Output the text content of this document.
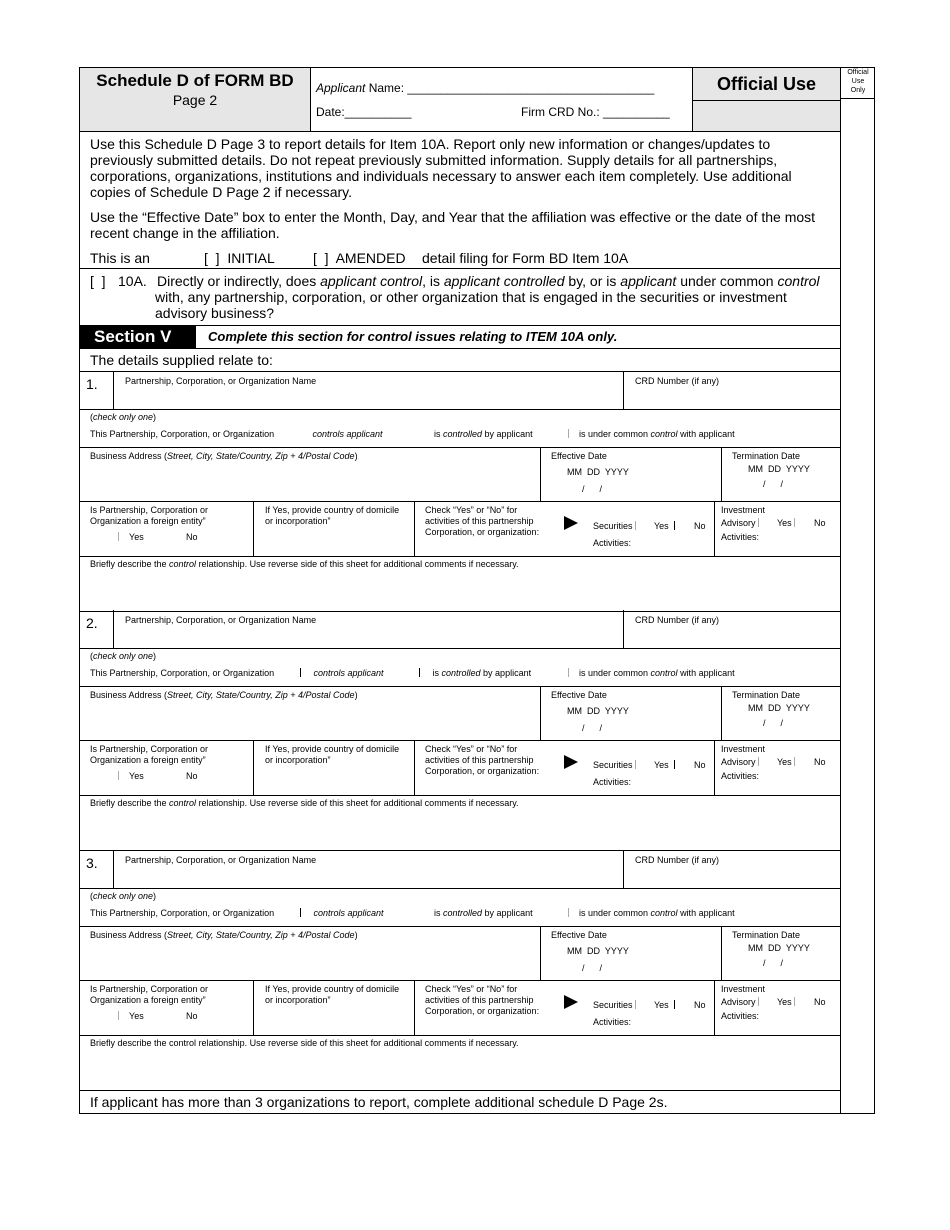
Official
Use
Only
Schedule D of FORM BD
Page 2
Applicant Name: _____________________________________
Date:__________	Firm CRD No.: __________
Official Use
Use this Schedule D Page 3 to report details for Item 10A. Report only new information or changes/updates to previously submitted details. Do not repeat previously submitted information. Supply details for all partnerships, corporations, organizations, institutions and individuals necessary to answer each item completely. Use additional copies of Schedule D Page 2 if necessary.
Use the “Effective Date” box to enter the Month, Day, and Year that the affiliation was effective or the date of the most recent change in the affiliation.
This is an	[  ]  INITIAL	[  ]  AMENDED detail filing for Form BD Item 10A
[  ] 10A. Directly or indirectly, does applicant control, is applicant controlled by, or is applicant under common control
with, any partnership, corporation, or other organization that is engaged in the securities or investment
advisory business?
Section V	Complete this section for control issues relating to ITEM 10A only.
The details supplied relate to:
1.	Partnership, Corporation, or Organization Name	CRD Number (if any)
(check only one)
This Partnership, Corporation, or Organization	controls applicant	is controlled by applicant	is under common control with applicant
Business Address (Street, City, State/Country, Zip + 4/Postal Code)	Effective Date
MM  DD  YYYY
/      /
Termination Date
MM  DD  YYYY
/      /
Is Partnership, Corporation or
Organization a foreign entity”
Yes	No
If Yes, provide country of domicile
or incorporation”
Check “Yes” or “No” for
activities of this partnership
Corporation, or organization:
Securities
Activities:
Yes	No
Investment
Advisory
Activities:
Yes	No
Briefly describe the control relationship. Use reverse side of this sheet for additional comments if necessary.
2.	Partnership, Corporation, or Organization Name	CRD Number (if any)
(check only one)
This Partnership, Corporation, or Organization	controls applicant	is controlled by applicant	is under common control with applicant
Business Address (Street, City, State/Country, Zip + 4/Postal Code)	Effective Date
MM  DD  YYYY
/      /
Termination Date
MM  DD  YYYY
/      /
Is Partnership, Corporation or
Organization a foreign entity”
Yes	No
If Yes, provide country of domicile
or incorporation”
Check “Yes” or “No” for
activities of this partnership
Corporation, or organization:
Securities
Activities:
Yes	No
Investment
Advisory
Activities:
Yes	No
Briefly describe the control relationship. Use reverse side of this sheet for additional comments if necessary.
3.	Partnership, Corporation, or Organization Name	CRD Number (if any)
(check only one)
This Partnership, Corporation, or Organization	controls applicant	is controlled by applicant	is under common control with applicant
Business Address (Street, City, State/Country, Zip + 4/Postal Code)	Effective Date
MM  DD  YYYY
/      /
Termination Date
MM  DD  YYYY
/      /
Is Partnership, Corporation or
Organization a foreign entity”
Yes	No
If Yes, provide country of domicile
or incorporation”
Check “Yes” or “No” for
activities of this partnership
Corporation, or organization:
Securities
Activities:
Yes	No
Investment
Advisory
Activities:
Yes	No
Briefly describe the control relationship. Use reverse side of this sheet for additional comments if necessary.
If applicant has more than 3 organizations to report, complete additional schedule D Page 2s.
